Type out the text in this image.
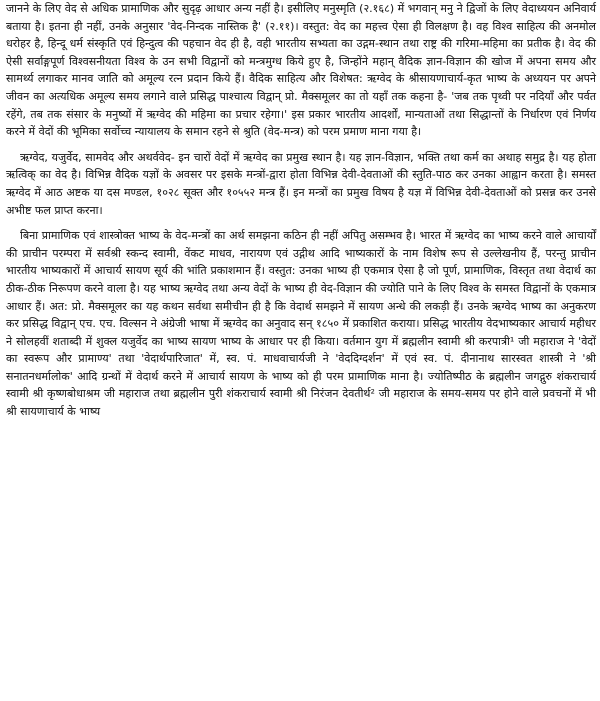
जानने के लिए वेद से अधिक प्रामाणिक और सुदृढ़ आधार अन्य नहीं है। इसीलिए मनुस्मृति (२.१६८) में भगवान् मनु ने द्विजों के लिए वेदाध्ययन अनिवार्य बताया है। इतना ही नहीं, उनके अनुसार 'वेद-निन्दक नास्तिक है' (२.११)। वस्तुत: वेद का महत्त्व ऐसा ही विलक्षण है। वह विश्व साहित्य की अनमोल धरोहर है, हिन्दू धर्म संस्कृति एवं हिन्दुत्व की पहचान वेद ही है, वही भारतीय सभ्यता का उद्गम-स्थान तथा राष्ट्र की गरिमा-महिमा का प्रतीक है। वेद की ऐसी सर्वाङ्गपूर्ण विश्वसनीयता विश्व के उन सभी विद्वानों को मन्त्रमुग्ध किये हुए है, जिन्होंने महान् वैदिक ज्ञान-विज्ञान की खोज में अपना समय और सामर्थ्य लगाकर मानव जाति को अमूल्य रत्न प्रदान किये हैं। वैदिक साहित्य और विशेषत: ऋग्वेद के श्रीसायणाचार्य-कृत भाष्य के अध्ययन पर अपने जीवन का अत्यधिक अमूल्य समय लगाने वाले प्रसिद्ध पाश्चात्य विद्वान् प्रो. मैक्समूलर का तो यहाँ तक कहना है- 'जब तक पृथ्वी पर नदियाँ और पर्वत रहेंगे, तब तक संसार के मनुष्यों में ऋग्वेद की महिमा का प्रचार रहेगा।' इस प्रकार भारतीय आदर्शों, मान्यताओं तथा सिद्धान्तों के निर्धारण एवं निर्णय करने में वेदों की भूमिका सर्वोच्च न्यायालय के समान रहने से श्रुति (वेद-मन्त्र) को परम प्रमाण माना गया है।

ऋग्वेद, यजुर्वेद, सामवेद और अथर्ववेद- इन चारों वेदों में ऋग्वेद का प्रमुख स्थान है। यह ज्ञान-विज्ञान, भक्ति तथा कर्म का अथाह समुद्र है। यह होता ऋत्विक् का वेद है। विभिन्न वैदिक यज्ञों के अवसर पर इसके मन्त्रों-द्वारा होता विभिन्न देवी-देवताओं की स्तुति-पाठ कर उनका आह्वान करता है। समस्त ऋग्वेद में आठ अष्टक या दस मण्डल, १०२८ सूक्त और १०५५२ मन्त्र हैं। इन मन्त्रों का प्रमुख विषय है यज्ञ में विभिन्न देवी-देवताओं को प्रसन्न कर उनसे अभीष्ट फल प्राप्त करना।

बिना प्रामाणिक एवं शास्त्रोक्त भाष्य के वेद-मन्त्रों का अर्थ समझना कठिन ही नहीं अपितु असम्भव है। भारत में ऋग्वेद का भाष्य करने वाले आचार्यों की प्राचीन परम्परा में सर्वश्री स्कन्द स्वामी, वेंकट माधव, नारायण एवं उद्गीथ आदि भाष्यकारों के नाम विशेष रूप से उल्लेखनीय हैं, परन्तु प्राचीन भारतीय भाष्यकारों में आचार्य सायण सूर्य की भांति प्रकाशमान हैं। वस्तुत: उनका भाष्य ही एकमात्र ऐसा है जो पूर्ण, प्रामाणिक, विस्तृत तथा वेदार्थ का ठीक-ठीक निरूपण करने वाला है। यह भाष्य ऋग्वेद तथा अन्य वेदों के भाष्य ही वेद-विज्ञान की ज्योति पाने के लिए विश्व के समस्त विद्वानों के एकमात्र आधार हैं। अत: प्रो. मैक्समूलर का यह कथन सर्वथा समीचीन ही है कि वेदार्थ समझने में सायण अन्धे की लकड़ी हैं। उनके ऋग्वेद भाष्य का अनुकरण कर प्रसिद्ध विद्वान् एच. एच. विल्सन ने अंग्रेजी भाषा में ऋग्वेद का अनुवाद सन् १८५० में प्रकाशित कराया। प्रसिद्ध भारतीय वेदभाष्यकार आचार्य महीधर ने सोलहवीं शताब्दी में शुक्ल यजुर्वेद का भाष्य सायण भाष्य के आधार पर ही किया। वर्तमान युग में ब्रह्मलीन स्वामी श्री करपात्री¹ जी महाराज ने 'वेदों का स्वरूप और प्रामाण्य' तथा 'वेदार्थपारिजात' में, स्व. पं. माधवाचार्यजी ने 'वेददिग्दर्शन' में एवं स्व. पं. दीनानाथ सारस्वत शास्त्री ने 'श्री सनातनधर्मालोक' आदि ग्रन्थों में वेदार्थ करने में आचार्य सायण के भाष्य को ही परम प्रामाणिक माना है। ज्योतिष्पीठ के ब्रह्मलीन जगद्गुरु शंकराचार्य स्वामी श्री कृष्णबोधाश्रम जी महाराज तथा ब्रह्मलीन पुरी शंकराचार्य स्वामी श्री निरंजन देवतीर्थ² जी महाराज के समय-समय पर होने वाले प्रवचनों में भी श्री सायणाचार्य के भाष्य
